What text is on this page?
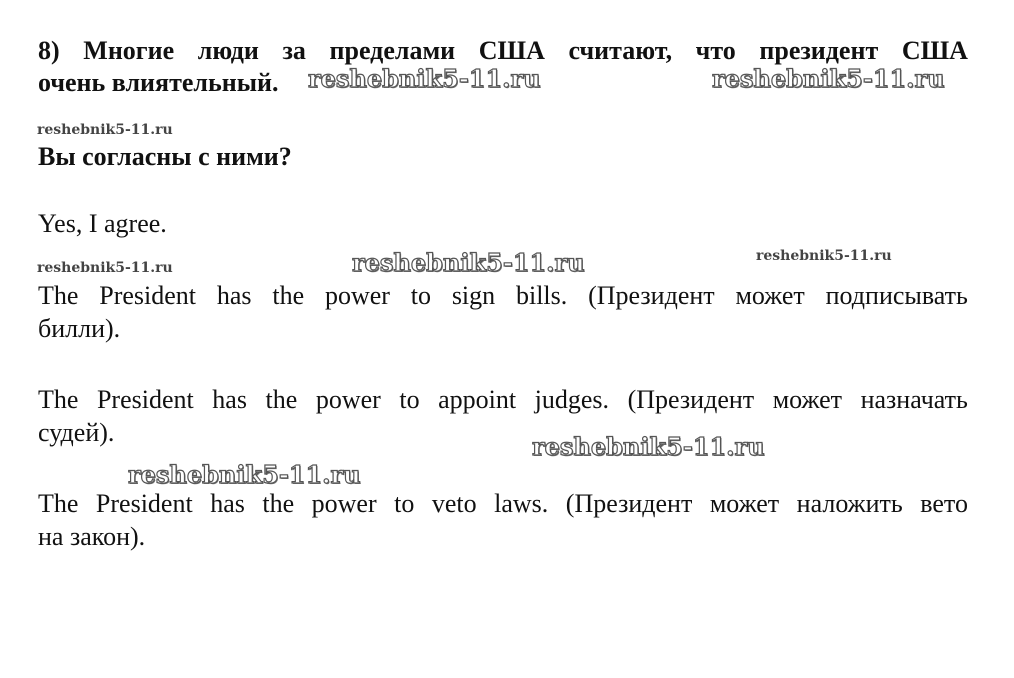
8) Многие люди за пределами США считают, что президент США
очень влиятельный.
Вы согласны с ними?
Yes, I agree.
The President has the power to sign bills. (Президент может подписывать
билли).
The President has the power to appoint judges. (Президент может назначать
судей).
The President has the power to veto laws. (Президент может наложить вето
на закон).
reshebnik5-11.ru	reshebnik5-11.ru
reshebnik5-11.ru
reshebnik5-11.ru	reshebnik5-11.ru	reshebnik5-11.ru
reshebnik5-11.ru
reshebnik5-11.ru
